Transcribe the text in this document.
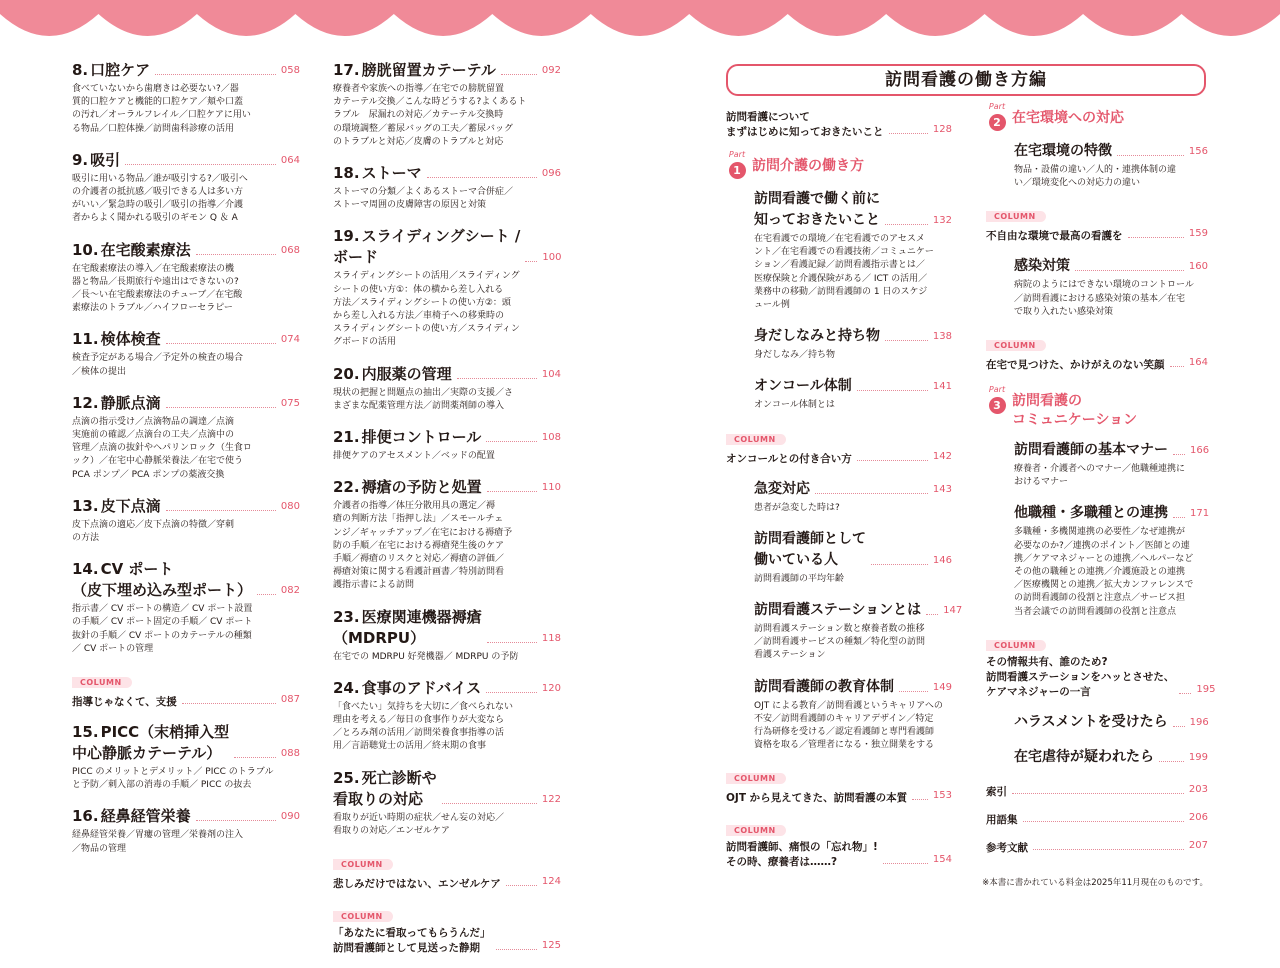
8. 口腔ケア	058
食べていないから歯磨きは必要ない?／器
質的口腔ケアと機能的口腔ケア／頬や口蓋
の汚れ／オーラルフレイル／口腔ケアに用い
る物品／口腔体操／訪問歯科診療の活用
9. 吸引	064
吸引に用いる物品／誰が吸引する?／吸引へ
の介護者の抵抗感／吸引できる人は多い方
がいい／緊急時の吸引／吸引の指導／介護
者からよく聞かれる吸引のギモン Q ＆ A
10. 在宅酸素療法	068
在宅酸素療法の導入／在宅酸素療法の機
器と物品／長期旅行や遠出はできないの?
／長～い在宅酸素療法のチューブ／在宅酸
素療法のトラブル／ハイフローセラピー
11. 検体検査	074
検査予定がある場合／予定外の検査の場合
／検体の提出
12. 静脈点滴	075
点滴の指示受け／点滴物品の調達／点滴
実施前の確認／点滴台の工夫／点滴中の
管理／点滴の抜針やヘパリンロック（生食ロ
ック）／在宅中心静脈栄養法／在宅で使う
PCA ポンプ／ PCA ポンプの薬液交換
13. 皮下点滴	080
皮下点滴の適応／皮下点滴の特徴／穿刺
の方法
14. CV ポート
（皮下埋め込み型ポート）	082
指示書／ CV ポートの構造／ CV ポート設置
の手順／ CV ポート固定の手順／ CV ポート
抜針の手順／ CV ポートのカテーテルの種類
／ CV ポートの管理
COLUMN
指導じゃなくて、支援	087
15. PICC（末梢挿入型
中心静脈カテーテル）	088
PICC のメリットとデメリット／ PICC のトラブル
と予防／刺入部の消毒の手順／ PICC の抜去
16. 経鼻経管栄養	090
経鼻経管栄養／胃瘻の管理／栄養剤の注入
／物品の管理
17. 膀胱留置カテーテル	092
療養者や家族への指導／在宅での膀胱留置
カテーテル交換／こんな時どうする?よくあるト
ラブル　尿漏れの対応／カテーテル交換時
の環境調整／蓄尿バッグの工夫／蓄尿バッグ
のトラブルと対応／皮膚のトラブルと対応
18. ストーマ	096
ストーマの分類／よくあるストーマ合併症／
ストーマ周囲の皮膚障害の原因と対策
19. スライディングシート /
ボード	100
スライディングシートの活用／スライディング
シートの使い方①：体の横から差し入れる
方法／スライディングシートの使い方②：頭
から差し入れる方法／車椅子への移乗時の
スライディングシートの使い方／スライディン
グボードの活用
20. 内服薬の管理	104
現状の把握と問題点の抽出／実際の支援／さ
まざまな配薬管理方法／訪問薬剤師の導入
21. 排便コントロール	108
排便ケアのアセスメント／ベッドの配置
22. 褥瘡の予防と処置	110
介護者の指導／体圧分散用具の選定／褥
瘡の判断方法「指押し法」／スモールチェ
ンジ／ギャッチアップ／在宅における褥瘡予
防の手順／在宅における褥瘡発生後のケア
手順／褥瘡のリスクと対応／褥瘡の評価／
褥瘡対策に関する看護計画書／特別訪問看
護指示書による訪問
23. 医療関連機器褥瘡
（MDRPU）	118
在宅での MDRPU 好発機器／ MDRPU の予防
24. 食事のアドバイス	120
「食べたい」気持ちを大切に／食べられない
理由を考える／毎日の食事作りが大変なら
／とろみ剤の活用／訪問栄養食事指導の活
用／言語聴覚士の活用／終末期の食事
25. 死亡診断や
看取りの対応	122
看取りが近い時期の症状／せん妄の対応／
看取りの対応／エンゼルケア
COLUMN
悲しみだけではない、エンゼルケア	124
COLUMN
「あなたに看取ってもらうんだ」
訪問看護師として見送った静期	125
訪問看護の働き方編
訪問看護について
まずはじめに知っておきたいこと	128
Part
1 訪問介護の働き方
訪問看護で働く前に
知っておきたいこと	132
在宅看護での環境／在宅看護でのアセスメ
ント／在宅看護での看護技術／コミュニケー
ション／看護記録／訪問看護指示書とは／
医療保険と介護保険がある／ ICT の活用／
業務中の移動／訪問看護師の 1 日のスケジ
ュール例
身だしなみと持ち物	138
身だしなみ／持ち物
オンコール体制	141
オンコール体制とは
COLUMN
オンコールとの付き合い方	142
急変対応	143
患者が急変した時は?
訪問看護師として
働いている人	146
訪問看護師の平均年齢
訪問看護ステーションとは 147
訪問看護ステーション数と療養者数の推移
／訪問看護サービスの種類／特化型の訪問
看護ステーション
訪問看護師の教育体制	149
OJT による教育／訪問看護というキャリアへの
不安／訪問看護師のキャリアデザイン／特定
行為研修を受ける／認定看護師と専門看護師
資格を取る／管理者になる・独立開業をする
COLUMN
OJT から見えてきた、訪問看護の本質	153
COLUMN
訪問看護師、痛恨の「忘れ物」!
その時、療養者は……?	154
Part
2 在宅環境への対応
在宅環境の特徴	156
物品・設備の違い／人的・連携体制の違
い／環境変化への対応力の違い
COLUMN
不自由な環境で最高の看護を	159
感染対策	160
病院のようにはできない環境のコントロール
／訪問看護における感染対策の基本／在宅
で取り入れたい感染対策
COLUMN
在宅で見つけた、かけがえのない笑顔 164
Part
3 訪問看護の
コミュニケーション
訪問看護師の基本マナー 166
療養者・介護者へのマナー／他職種連携に
おけるマナー
他職種・多職種との連携 171
多職種・多機関連携の必要性／なぜ連携が
必要なのか?／連携のポイント／医師との連
携／ケアマネジャーとの連携／ヘルパーなど
その他の職種との連携／介護施設との連携
／医療機関との連携／拡大カンファレンスで
の訪問看護師の役割と注意点／サービス担
当者会議での訪問看護師の役割と注意点
COLUMN
その情報共有、誰のため?
訪問看護ステーションをハッとさせた、
ケアマネジャーの一言	195
ハラスメントを受けたら 196
在宅虐待が疑われたら	199
索引	203
用語集	206
参考文献	207
※本書に書かれている料金は2025年11月現在のものです。
